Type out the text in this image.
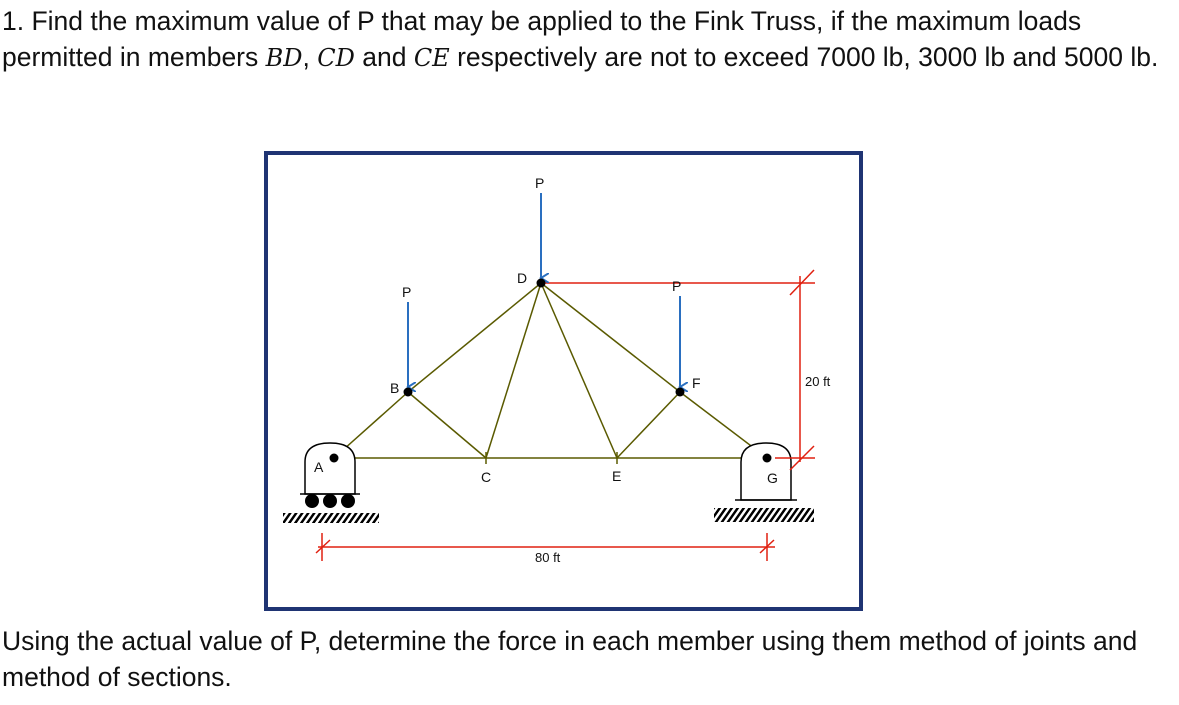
1. Find the maximum value of P that may be applied to the Fink Truss, if the maximum loads permitted in members BD, CD and CE respectively are not to exceed 7000 lb, 3000 lb and 5000 lb.

A
B
C
D
E
F
G
P
P	P
80 ft
20 ft

Using the actual value of P, determine the force in each member using them method of joints and method of sections.
